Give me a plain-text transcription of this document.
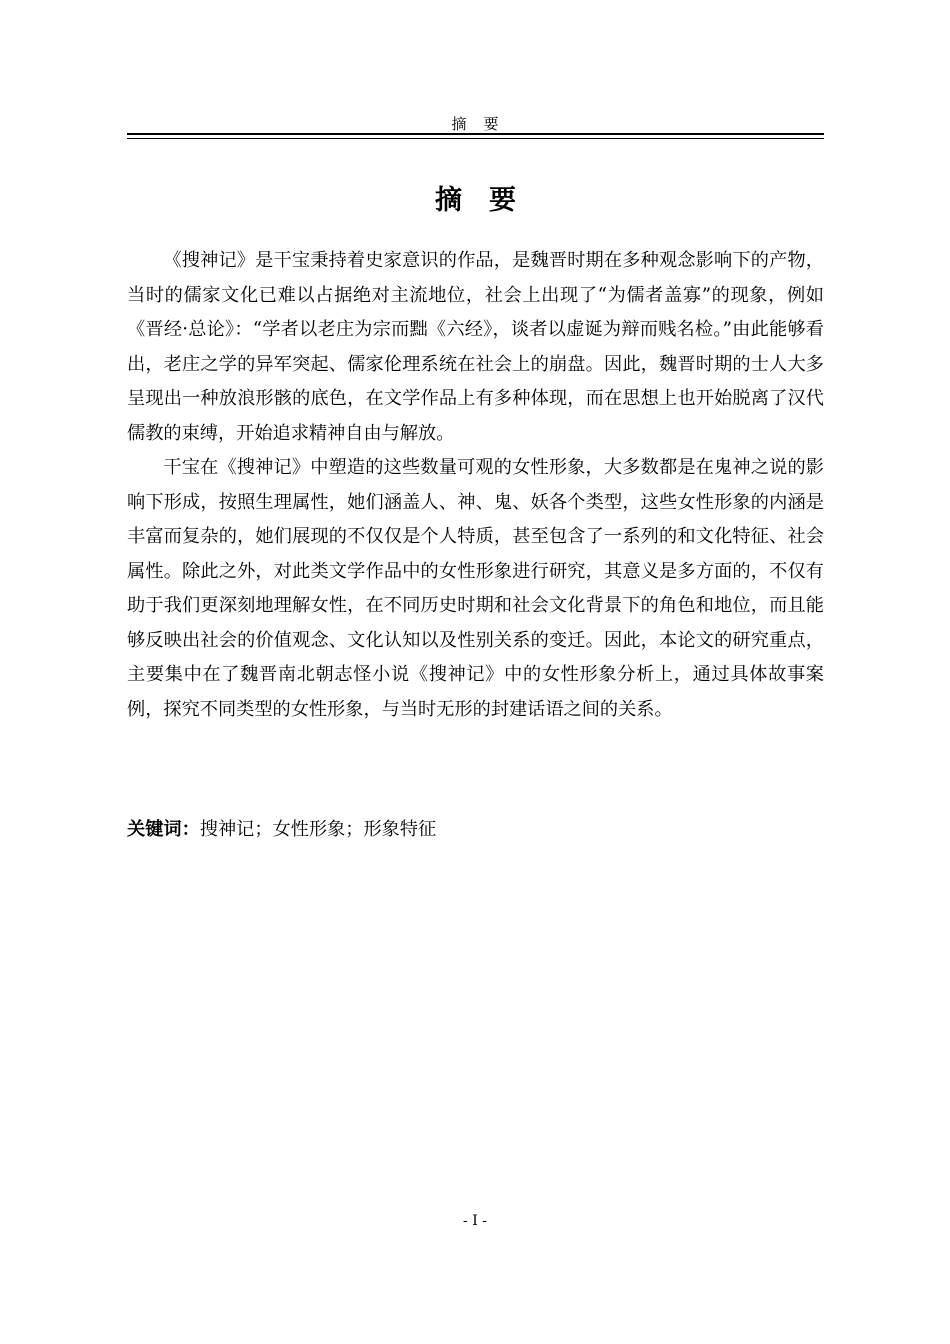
摘　要
摘　要

《搜神记》是干宝秉持着史家意识的作品，是魏晋时期在多种观念影响下的产物，当时的儒家文化已难以占据绝对主流地位，社会上出现了“为儒者盖寡”的现象，例如《晋经·总论》：“学者以老庄为宗而黜《六经》，谈者以虚诞为辩而贱名检。”由此能够看出，老庄之学的异军突起、儒家伦理系统在社会上的崩盘。因此，魏晋时期的士人大多呈现出一种放浪形骸的底色，在文学作品上有多种体现，而在思想上也开始脱离了汉代儒教的束缚，开始追求精神自由与解放。

干宝在《搜神记》中塑造的这些数量可观的女性形象，大多数都是在鬼神之说的影响下形成，按照生理属性，她们涵盖人、神、鬼、妖各个类型，这些女性形象的内涵是丰富而复杂的，她们展现的不仅仅是个人特质，甚至包含了一系列的和文化特征、社会属性。除此之外，对此类文学作品中的女性形象进行研究，其意义是多方面的，不仅有助于我们更深刻地理解女性，在不同历史时期和社会文化背景下的角色和地位，而且能够反映出社会的价值观念、文化认知以及性别关系的变迁。因此，本论文的研究重点，主要集中在了魏晋南北朝志怪小说《搜神记》中的女性形象分析上，通过具体故事案例，探究不同类型的女性形象，与当时无形的封建话语之间的关系。

关键词：搜神记；女性形象；形象特征
- I -
